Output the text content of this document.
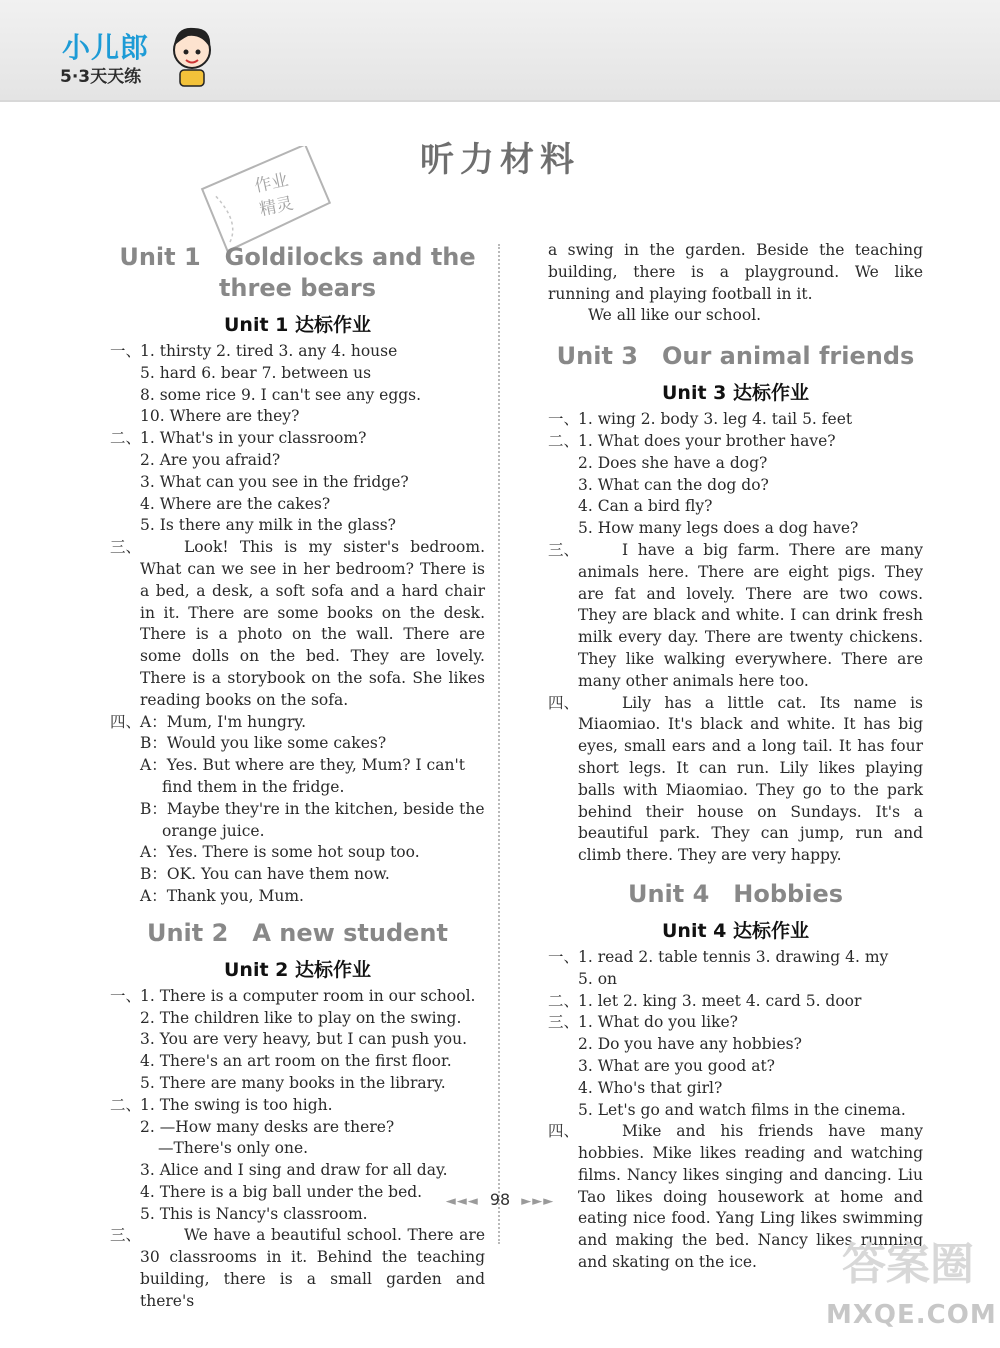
小儿郎
5·3天天练
听力材料
作业
精灵
Unit 1 Goldilocks and the
three bears
Unit 1 达标作业
一、1. thirsty 2. tired 3. any 4. house
5. hard 6. bear 7. between us
8. some rice 9. I can't see any eggs.
10. Where are they?
二、1. What's in your classroom?
2. Are you afraid?
3. What can you see in the fridge?
4. Where are the cakes?
5. Is there any milk in the glass?
三、	Look! This is my sister's bedroom. What can we see in her bedroom? There is a bed, a desk, a soft sofa and a hard chair in it. There are some books on the desk. There is a photo on the wall. There are some dolls on the bed. They are lovely. There is a storybook on the sofa. She likes reading books on the sofa.
四、A：Mum, I'm hungry.
B：Would you like some cakes?
A：Yes. But where are they, Mum? I can't
find them in the fridge.
B：Maybe they're in the kitchen, beside the
orange juice.
A：Yes. There is some hot soup too.
B：OK. You can have them now.
A：Thank you, Mum.
Unit 2 A new student
Unit 2 达标作业
一、1. There is a computer room in our school.
2. The children like to play on the swing.
3. You are very heavy, but I can push you.
4. There's an art room on the first floor.
5. There are many books in the library.
二、1. The swing is too high.
2. —How many desks are there?
—There's only one.
3. Alice and I sing and draw for all day.
4. There is a big ball under the bed.
5. This is Nancy's classroom.
三、	We have a beautiful school. There are 30 classrooms in it. Behind the teaching building, there is a small garden and there's
a swing in the garden. Beside the teaching building, there is a playground. We like running and playing football in it.
We all like our school.
Unit 3 Our animal friends
Unit 3 达标作业
一、1. wing 2. body 3. leg 4. tail 5. feet
二、1. What does your brother have?
2. Does she have a dog?
3. What can the dog do?
4. Can a bird fly?
5. How many legs does a dog have?
三、	I have a big farm. There are many animals here. There are eight pigs. They are fat and lovely. There are two cows. They are black and white. I can drink fresh milk every day. There are twenty chickens. They like walking everywhere. There are many other animals here too.
四、	Lily has a little cat. Its name is Miaomiao. It's black and white. It has big eyes, small ears and a long tail. It has four short legs. It can run. Lily likes playing balls with Miaomiao. They go to the park behind their house on Sundays. It's a beautiful park. They can jump, run and climb there. They are very happy.
Unit 4 Hobbies
Unit 4 达标作业
一、1. read 2. table tennis 3. drawing 4. my
5. on
二、1. let 2. king 3. meet 4. card 5. door
三、1. What do you like?
2. Do you have any hobbies?
3. What are you good at?
4. Who's that girl?
5. Let's go and watch films in the cinema.
四、	Mike and his friends have many hobbies. Mike likes reading and watching films. Nancy likes singing and dancing. Liu Tao likes doing housework at home and eating nice food. Yang Ling likes swimming and making the bed. Nancy likes running and skating on the ice.
◄◄◄ 98 ►►►
答案圈
MXQE.COM
